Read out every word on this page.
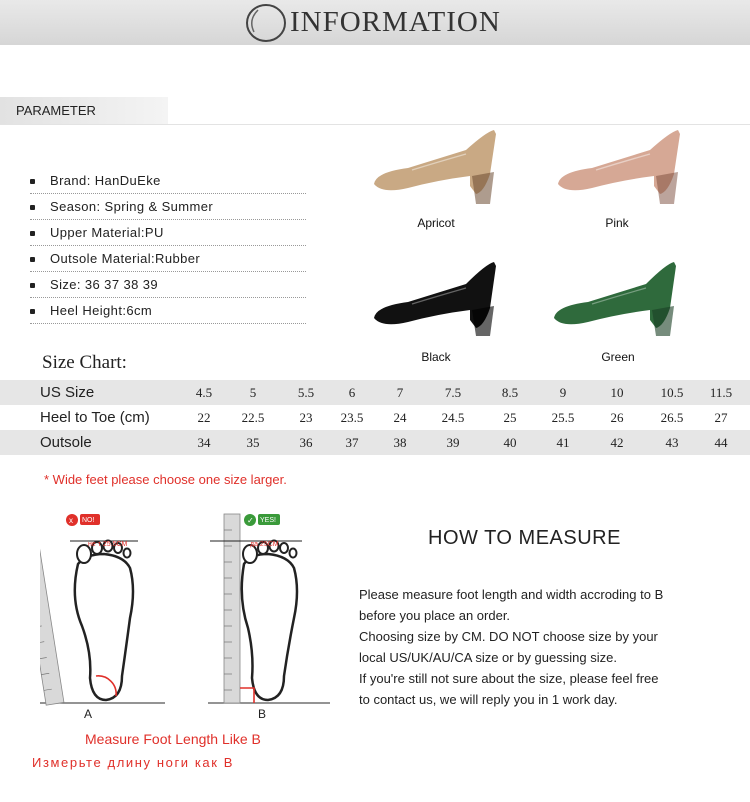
INFORMATION
PARAMETER
Brand: HanDuEke
Season: Spring & Summer
Upper Material:PU
Outsole Material:Rubber
Size: 36 37 38 39
Heel Height:6cm
Apricot	Pink
Black	Green
Size Chart:
US Size	4.5	5	5.5	6	7	7.5	8.5	9	10	10.5	11.5
Heel to Toe (cm)	22	22.5	23	23.5	24	24.5	25	25.5	26	26.5	27
Outsole	34	35	36	37	38	39	40	41	42	43	44
* Wide feet please choose one size larger.
x NO!
не т 25.5CM
✓ YES!
да 25CM
A	B
Measure Foot Length Like B
Измерьте длину ноги как В
HOW TO MEASURE
Please measure foot length and width accroding to B
before you place an order.
Choosing size by CM. DO NOT choose size by your
local US/UK/AU/CA size or by guessing size.
If you're still not sure about the size, please feel free
to contact us, we will reply you in 1 work day.
